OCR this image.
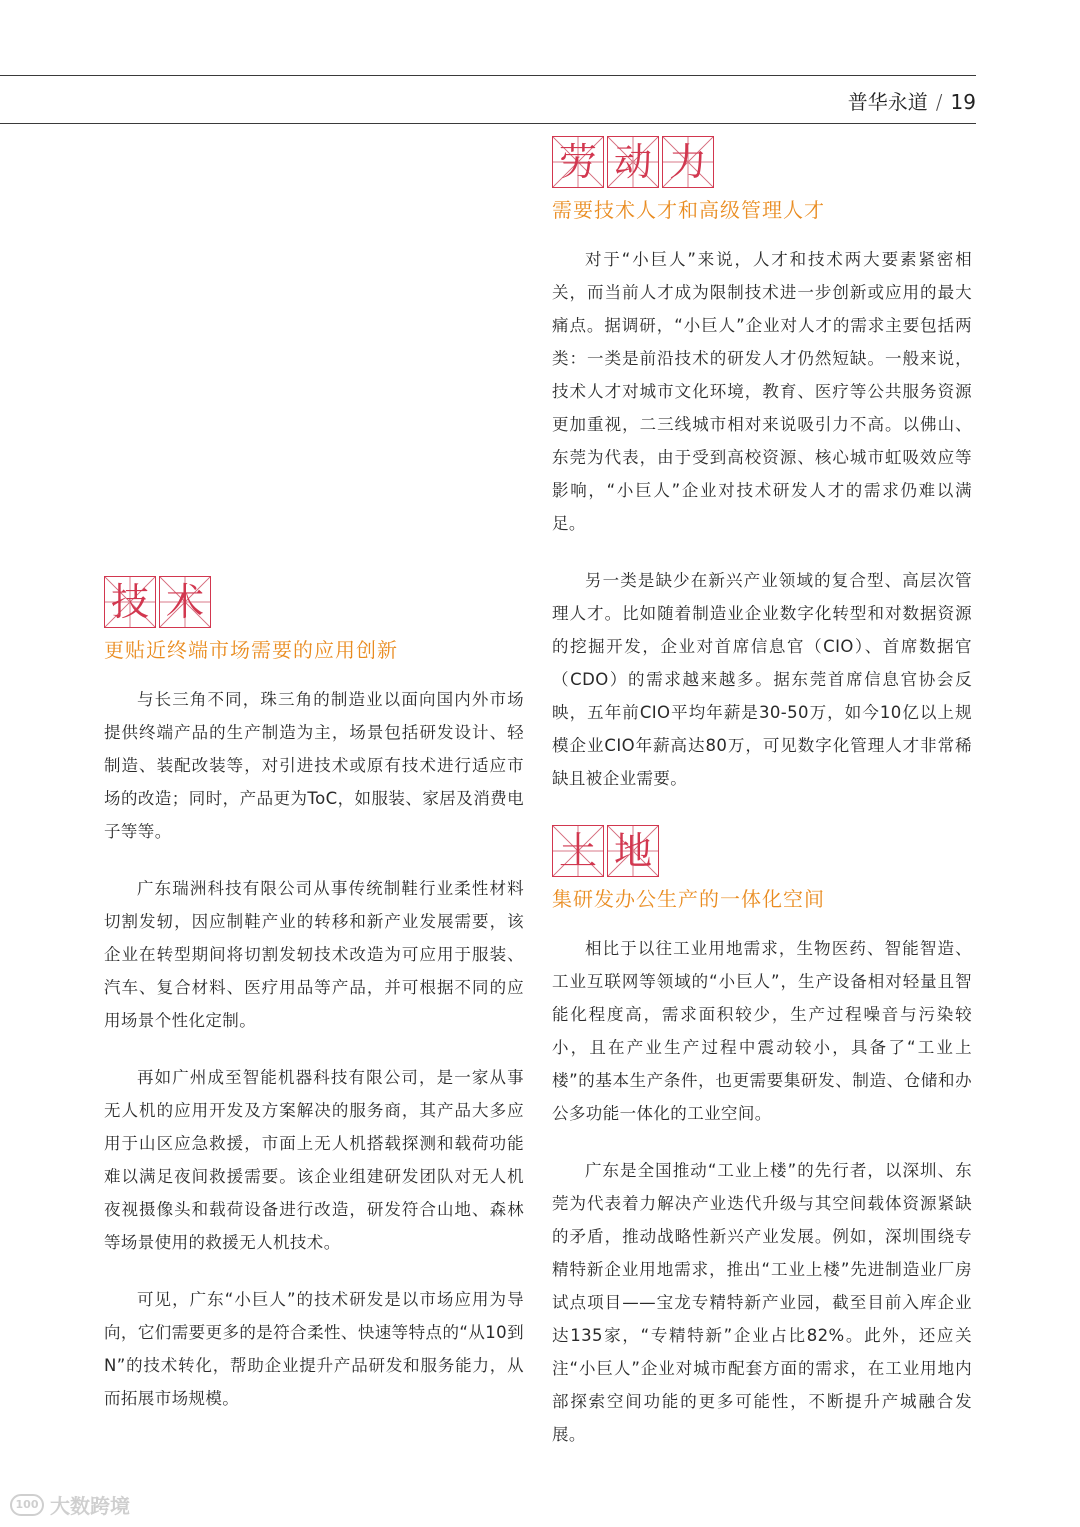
普华永道 / 19
劳 动 力
需要技术人才和高级管理人才

对于“小巨人”来说，人才和技术两大要素紧密相关，而当前人才成为限制技术进一步创新或应用的最大痛点。据调研，“小巨人”企业对人才的需求主要包括两类：一类是前沿技术的研发人才仍然短缺。一般来说，技术人才对城市文化环境，教育、医疗等公共服务资源更加重视，二三线城市相对来说吸引力不高。以佛山、东莞为代表，由于受到高校资源、核心城市虹吸效应等影响，“小巨人”企业对技术研发人才的需求仍难以满足。

另一类是缺少在新兴产业领域的复合型、高层次管理人才。比如随着制造业企业数字化转型和对数据资源的挖掘开发，企业对首席信息官（CIO）、首席数据官（CDO）的需求越来越多。据东莞首席信息官协会反映，五年前CIO平均年薪是30-50万，如今10亿以上规模企业CIO年薪高达80万，可见数字化管理人才非常稀缺且被企业需要。

土 地
集研发办公生产的一体化空间

相比于以往工业用地需求，生物医药、智能智造、工业互联网等领域的“小巨人”，生产设备相对轻量且智能化程度高，需求面积较少，生产过程噪音与污染较小，且在产业生产过程中震动较小，具备了“工业上楼”的基本生产条件，也更需要集研发、制造、仓储和办公多功能一体化的工业空间。

广东是全国推动“工业上楼”的先行者，以深圳、东莞为代表着力解决产业迭代升级与其空间载体资源紧缺的矛盾，推动战略性新兴产业发展。例如，深圳围绕专精特新企业用地需求，推出“工业上楼”先进制造业厂房试点项目——宝龙专精特新产业园，截至目前入库企业达135家，“专精特新”企业占比82%。此外，还应关注“小巨人”企业对城市配套方面的需求，在工业用地内部探索空间功能的更多可能性，不断提升产城融合发展。

技 术
更贴近终端市场需要的应用创新

与长三角不同，珠三角的制造业以面向国内外市场提供终端产品的生产制造为主，场景包括研发设计、轻制造、装配改装等，对引进技术或原有技术进行适应市场的改造；同时，产品更为ToC，如服装、家居及消费电子等等。

广东瑞洲科技有限公司从事传统制鞋行业柔性材料切割发轫，因应制鞋产业的转移和新产业发展需要，该企业在转型期间将切割发轫技术改造为可应用于服装、汽车、复合材料、医疗用品等产品，并可根据不同的应用场景个性化定制。

再如广州成至智能机器科技有限公司，是一家从事无人机的应用开发及方案解决的服务商，其产品大多应用于山区应急救援，市面上无人机搭载探测和载荷功能难以满足夜间救援需要。该企业组建研发团队对无人机夜视摄像头和载荷设备进行改造，研发符合山地、森林等场景使用的救援无人机技术。

可见，广东“小巨人”的技术研发是以市场应用为导向，它们需要更多的是符合柔性、快速等特点的“从10到N”的技术转化，帮助企业提升产品研发和服务能力，从而拓展市场规模。

100 大数跨境
